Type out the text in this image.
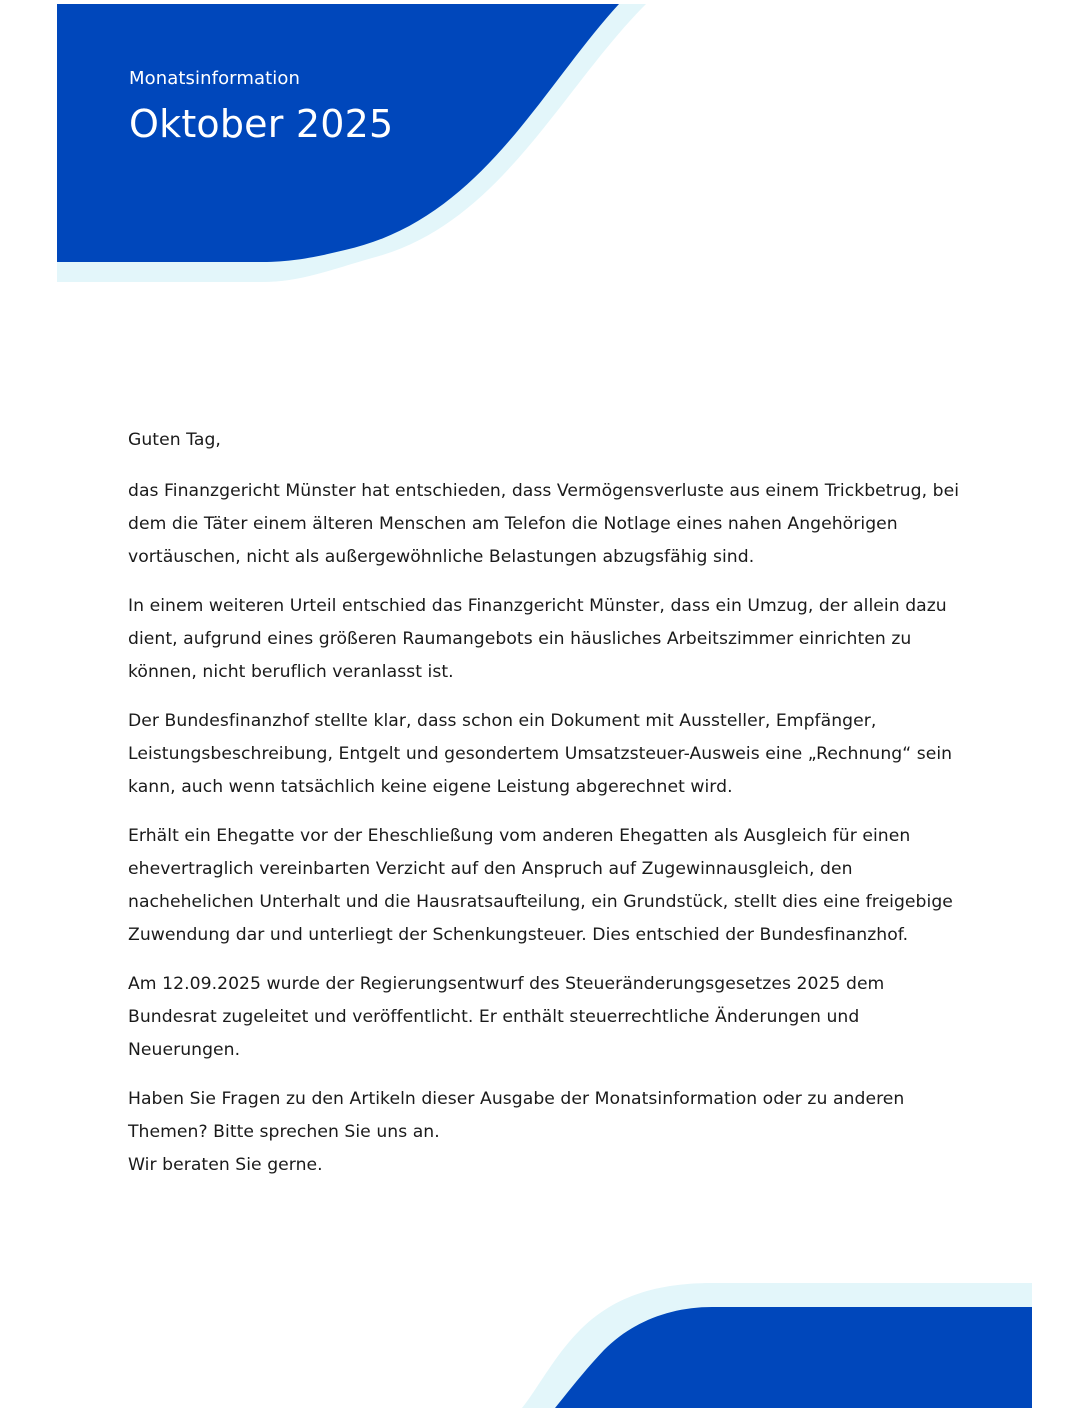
Monatsinformation
Oktober 2025

Guten Tag,

das Finanzgericht Münster hat entschieden, dass Vermögensverluste aus einem Trickbetrug, bei dem die Täter einem älteren Menschen am Telefon die Notlage eines nahen Angehörigen vortäuschen, nicht als außergewöhnliche Belastungen abzugsfähig sind.

In einem weiteren Urteil entschied das Finanzgericht Münster, dass ein Umzug, der allein dazu dient, aufgrund eines größeren Raumangebots ein häusliches Arbeitszimmer einrichten zu können, nicht beruflich veranlasst ist.

Der Bundesfinanzhof stellte klar, dass schon ein Dokument mit Aussteller, Empfänger, Leistungsbeschreibung, Entgelt und gesondertem Umsatzsteuer-Ausweis eine „Rechnung“ sein kann, auch wenn tatsächlich keine eigene Leistung abgerechnet wird.

Erhält ein Ehegatte vor der Eheschließung vom anderen Ehegatten als Ausgleich für einen ehevertraglich vereinbarten Verzicht auf den Anspruch auf Zugewinnausgleich, den nachehelichen Unterhalt und die Hausratsaufteilung, ein Grundstück, stellt dies eine freigebige Zuwendung dar und unterliegt der Schenkungsteuer. Dies entschied der Bundesfinanzhof.

Am 12.09.2025 wurde der Regierungsentwurf des Steueränderungsgesetzes 2025 dem Bundesrat zugeleitet und veröffentlicht. Er enthält steuerrechtliche Änderungen und Neuerungen.

Haben Sie Fragen zu den Artikeln dieser Ausgabe der Monatsinformation oder zu anderen Themen? Bitte sprechen Sie uns an.
Wir beraten Sie gerne.
